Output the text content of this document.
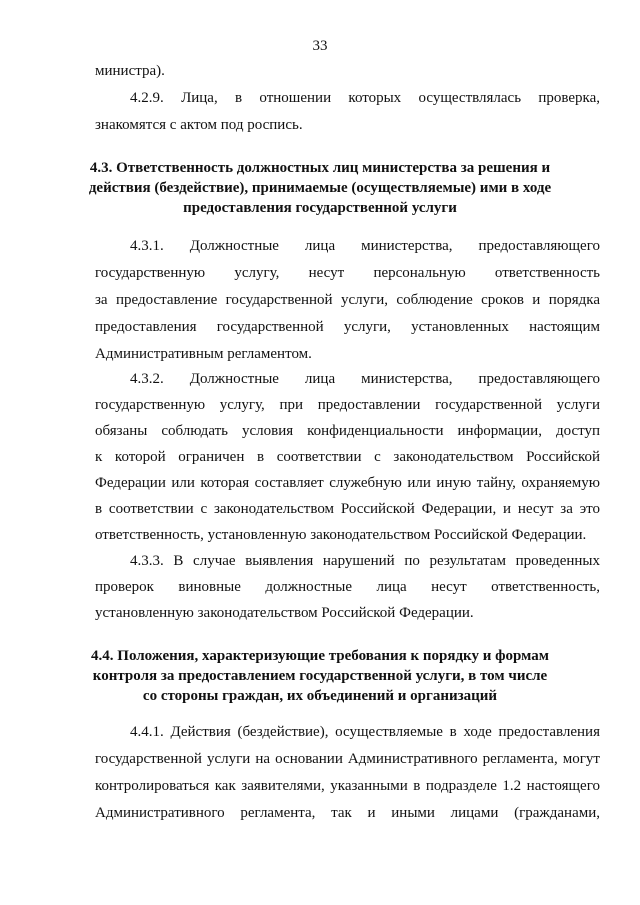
33
министра).
4.2.9. Лица, в отношении которых осуществлялась проверка,
знакомятся с актом под роспись.
4.3. Ответственность должностных лиц министерства за решения и
действия (бездействие), принимаемые (осуществляемые) ими в ходе
предоставления государственной услуги
4.3.1. Должностные лица министерства, предоставляющего
государственную услугу, несут персональную ответственность
за предоставление государственной услуги, соблюдение сроков и порядка
предоставления государственной услуги, установленных настоящим
Административным регламентом.
4.3.2. Должностные лица министерства, предоставляющего
государственную услугу, при предоставлении государственной услуги
обязаны соблюдать условия конфиденциальности информации, доступ
к которой ограничен в соответствии с законодательством Российской
Федерации или которая составляет служебную или иную тайну, охраняемую
в соответствии с законодательством Российской Федерации, и несут за это
ответственность, установленную законодательством Российской Федерации.
4.3.3. В случае выявления нарушений по результатам проведенных
проверок виновные должностные лица несут ответственность,
установленную законодательством Российской Федерации.
4.4. Положения, характеризующие требования к порядку и формам
контроля за предоставлением государственной услуги, в том числе
со стороны граждан, их объединений и организаций
4.4.1. Действия (бездействие), осуществляемые в ходе предоставления
государственной услуги на основании Административного регламента, могут
контролироваться как заявителями, указанными в подразделе 1.2 настоящего
Административного регламента, так и иными лицами (гражданами,
